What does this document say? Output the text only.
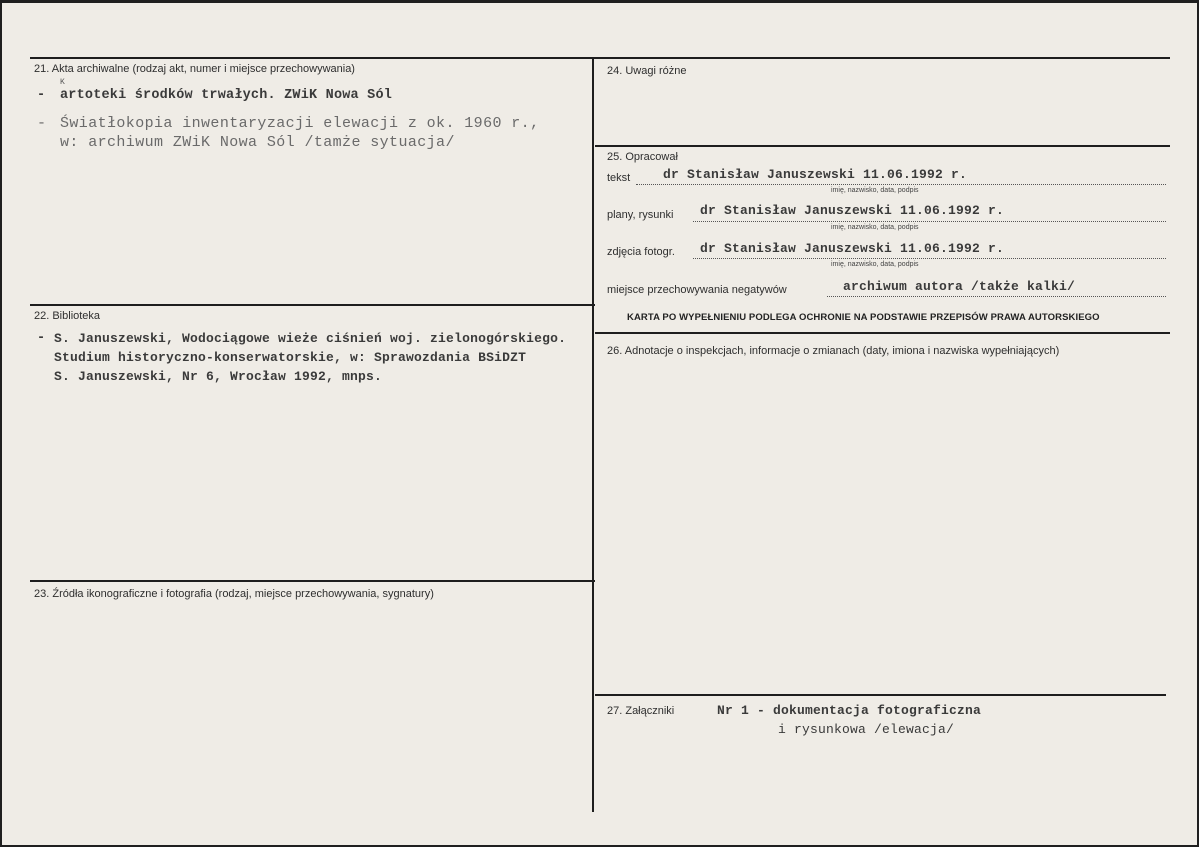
21. Akta archiwalne (rodzaj akt, numer i miejsce przechowywania)
K
- artoteki środków trwałych. ZWiK Nowa Sól
- Światłokopia inwentaryzacji elewacji z ok. 1960 r.,
w: archiwum ZWiK Nowa Sól /tamże sytuacja/
22. Biblioteka
- S. Januszewski, Wodociągowe wieże ciśnień woj. zielonogórskiego.
Studium historyczno-konserwatorskie, w: Sprawozdania BSiDZT
S. Januszewski, Nr 6, Wrocław 1992, mnps.
23. Źródła ikonograficzne i fotografia (rodzaj, miejsce przechowywania, sygnatury)
24. Uwagi różne
25. Opracował
tekst	dr Stanisław Januszewski 11.06.1992 r.
imię, nazwisko, data, podpis
plany, rysunki dr Stanisław Januszewski 11.06.1992 r.
imię, nazwisko, data, podpis
zdjęcia fotogr. dr Stanisław Januszewski 11.06.1992 r.
imię, nazwisko, data, podpis
miejsce przechowywania negatywów	archiwum autora /także kalki/
KARTA PO WYPEŁNIENIU PODLEGA OCHRONIE NA PODSTAWIE PRZEPISÓW PRAWA AUTORSKIEGO
26. Adnotacje o inspekcjach, informacje o zmianach (daty, imiona i nazwiska wypełniających)
27. Załączniki	Nr 1 - dokumentacja fotograficzna
i rysunkowa /elewacja/
